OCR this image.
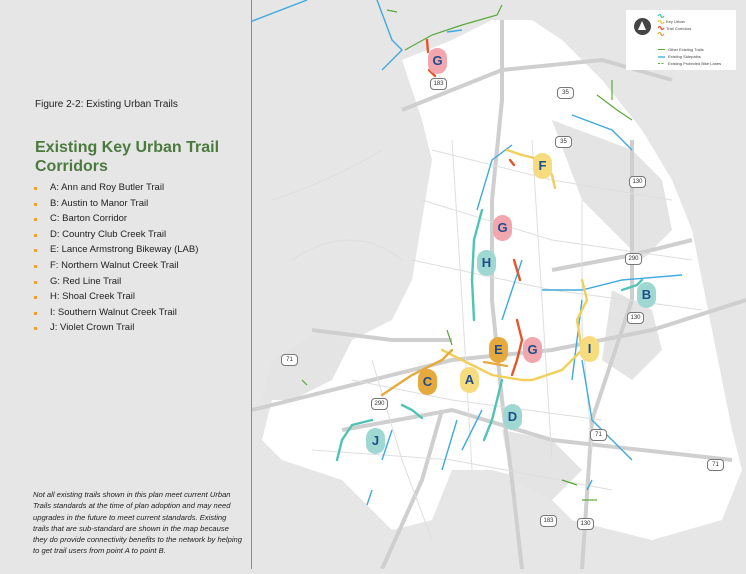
Figure 2-2: Existing Urban Trails
Existing Key Urban Trail Corridors
A: Ann and Roy Butler Trail
B: Austin to Manor Trail
C: Barton Corridor
D: Country Club Creek Trail
E: Lance Armstrong Bikeway (LAB)
F: Northern Walnut Creek Trail
G: Red Line Trail
H: Shoal Creek Trail
I: Southern Walnut Creek Trail
J: Violet Crown Trail
Not all existing trails shown in this plan meet current Urban Trails standards at the time of plan adoption and may need upgrades in the future to meet current standards. Existing trails that are sub-standard are shown in the map because they do provide connectivity benefits to the network by helping to get trail users from point A to point B.
G
F
G
H
B
E	G	I
C	A
D
J
183
35
35
130
290
130
71
290
71
71
183	130
Key Urban
Trail Corridors
Other Existing Trails
Existing Sidepaths
Existing Protected Bike Lanes
